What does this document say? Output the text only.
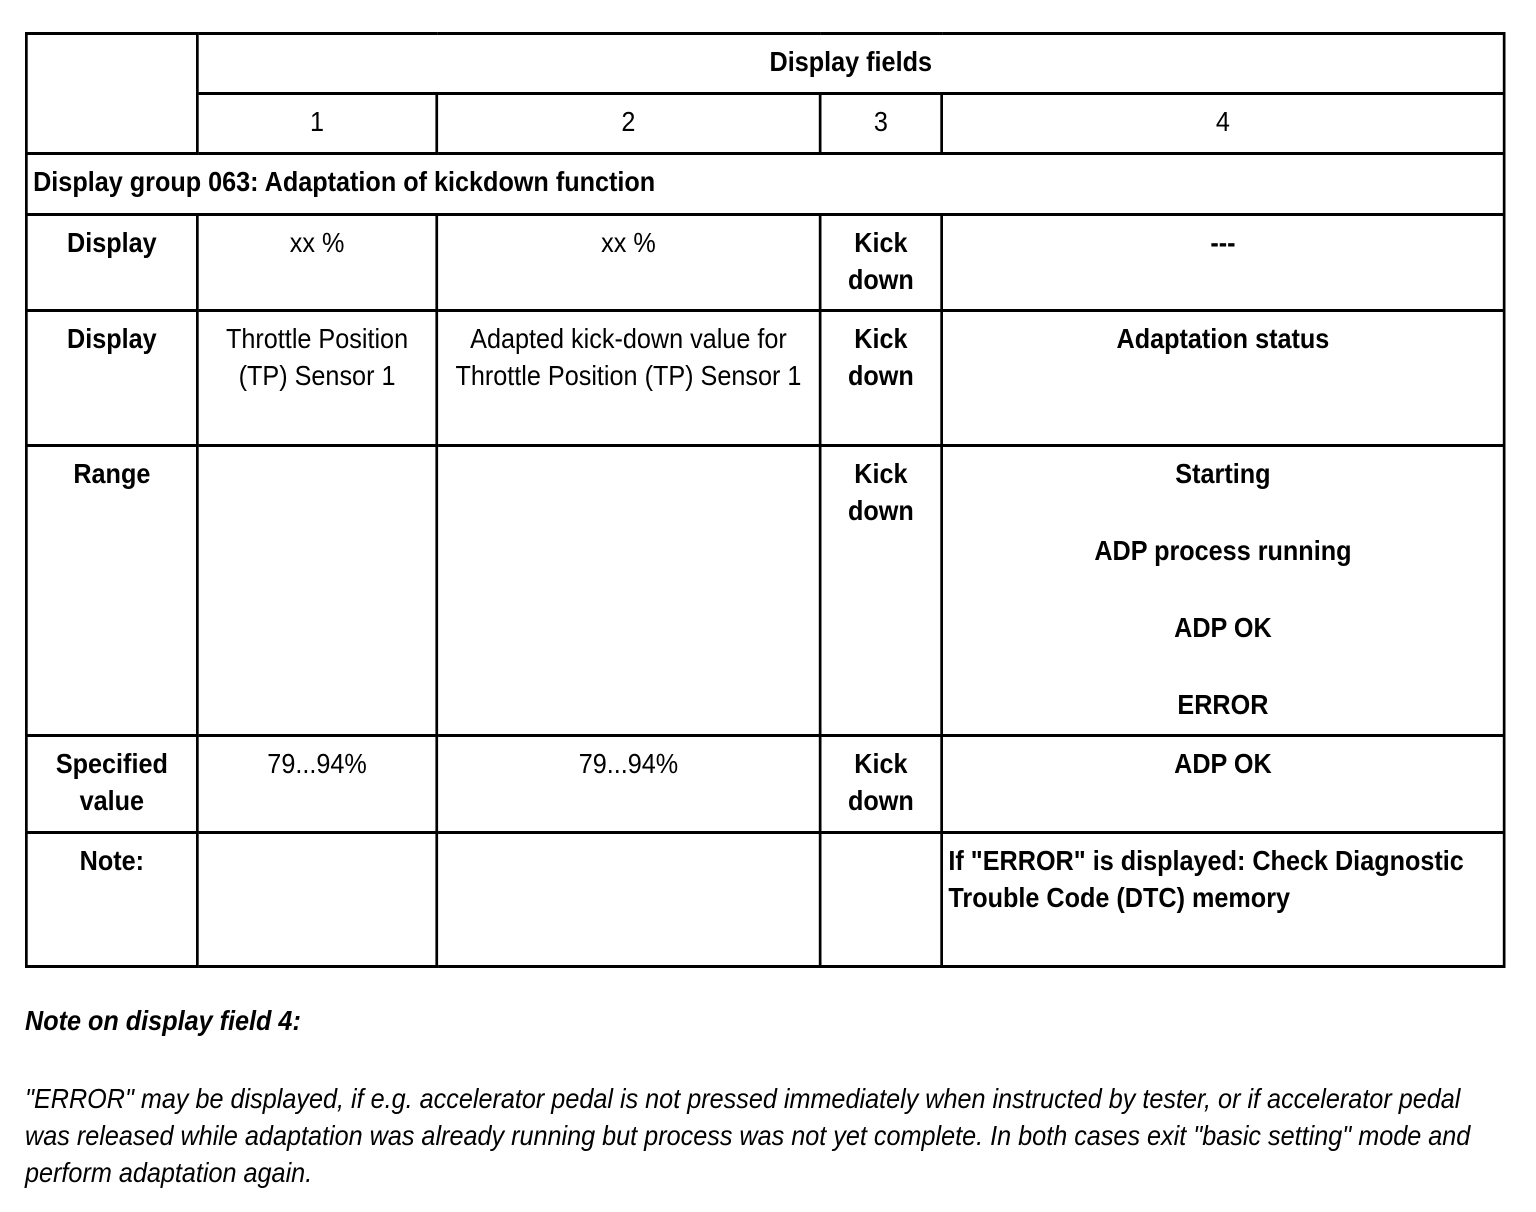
	Display fields			
	1	2	3	4
Display group 063: Adaptation of kickdown function				
Display	xx %	xx %	Kick down	---
Display	Throttle Position (TP) Sensor 1	Adapted kick-down value for Throttle Position (TP) Sensor 1	Kick down	Adaptation status
Range			Kick down	Starting
ADP process running
ADP OK
ERROR

Specified value	79...94%	79...94%	Kick down	ADP OK
Note:				If "ERROR" is displayed: Check Diagnostic Trouble Code (DTC) memory
Note on display field 4:
"ERROR" may be displayed, if e.g. accelerator pedal is not pressed immediately when instructed by tester, or if accelerator pedal was released while adaptation was already running but process was not yet complete. In both cases exit "basic setting" mode and perform adaptation again.
